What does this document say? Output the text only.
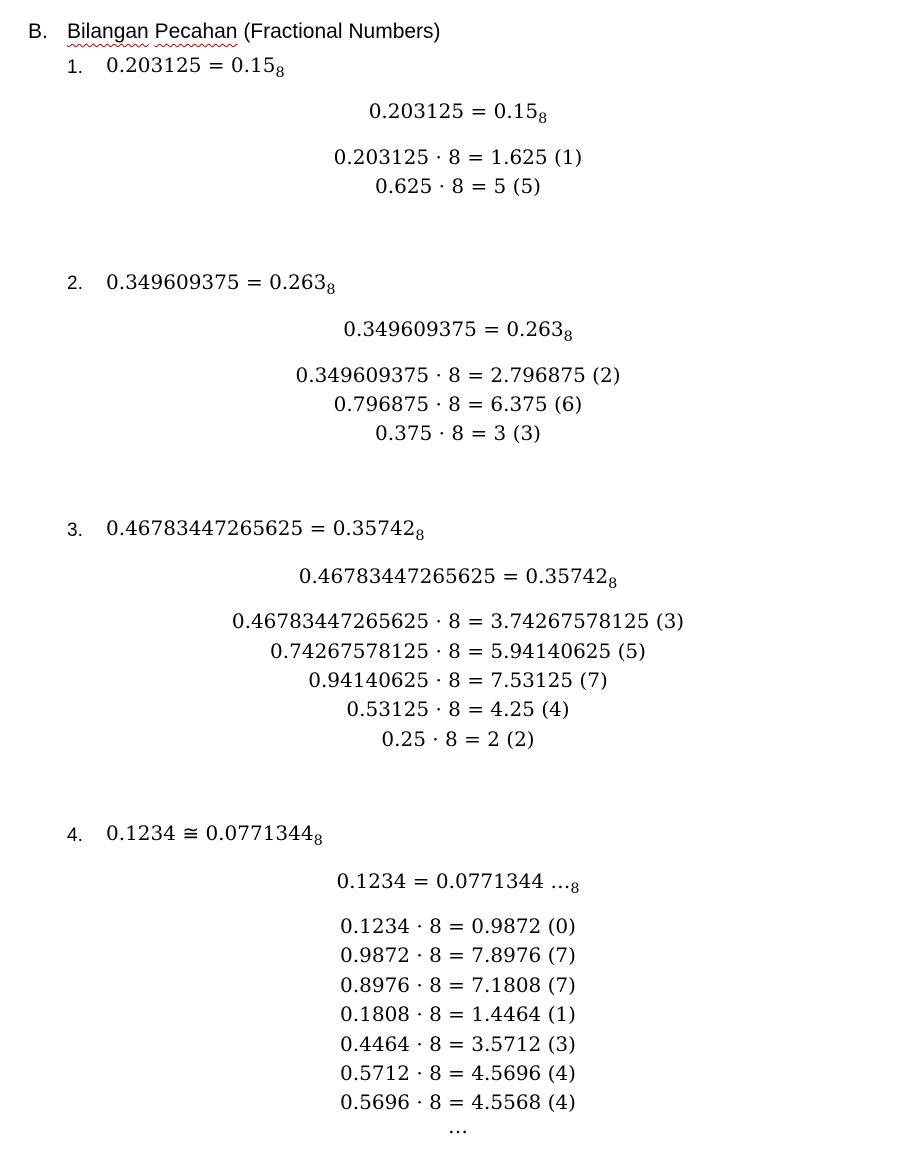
B. Bilangan Pecahan (Fractional Numbers)
1. $0.203125 = 0.15_8$
$0.203125 = 0.15_8$
0.203125 · 8 = 1.625 (1)
0.625 · 8 = 5 (5)
2. $0.349609375 = 0.263_8$
$0.349609375 = 0.263_8$
0.349609375 · 8 = 2.796875 (2)
0.796875 · 8 = 6.375 (6)
0.375 · 8 = 3 (3)
3. $0.46783447265625 = 0.35742_8$
$0.46783447265625 = 0.35742_8$
0.46783447265625 · 8 = 3.74267578125 (3)
0.74267578125 · 8 = 5.94140625 (5)
0.94140625 · 8 = 7.53125 (7)
0.53125 · 8 = 4.25 (4)
0.25 · 8 = 2 (2)
4. 0.1234 ≅ $0.0771344_8$
0.1234 = 0.0771344 $\dots_8$
0.1234 · 8 = 0.9872 (0)
0.9872 · 8 = 7.8976 (7)
0.8976 · 8 = 7.1808 (7)
0.1808 · 8 = 1.4464 (1)
0.4464 · 8 = 3.5712 (3)
0.5712 · 8 = 4.5696 (4)
0.5696 · 8 = 4.5568 (4)
…
